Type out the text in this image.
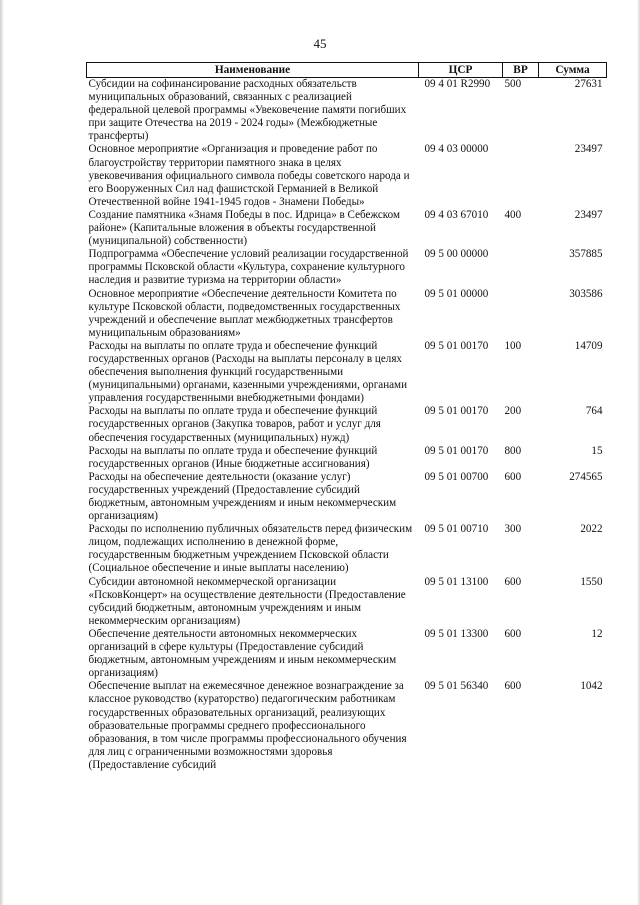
45
Наименование	ЦСР	ВР	Сумма
Субсидии на софинансирование расходных обязательств муниципальных образований, связанных с реализацией федеральной целевой программы «Увековечение памяти погибших при защите Отечества на 2019 - 2024 годы» (Межбюджетные трансферты)	09 4 01 R2990	500	27631
Основное мероприятие «Организация и проведение работ по благоустройству территории памятного знака в целях увековечивания официального символа победы советского народа и его Вооруженных Сил над фашистской Германией в Великой Отечественной войне 1941-1945 годов - Знамени Победы»	09 4 03 00000		23497
Создание памятника «Знамя Победы в пос. Идрица» в Себежском районе» (Капитальные вложения в объекты государственной (муниципальной) собственности)	09 4 03 67010	400	23497
Подпрограмма «Обеспечение условий реализации государственной программы Псковской области «Культура, сохранение культурного наследия и развитие туризма на территории области»	09 5 00 00000		357885
Основное мероприятие «Обеспечение деятельности Комитета по культуре Псковской области, подведомственных государственных учреждений и обеспечение выплат межбюджетных трансфертов муниципальным образованиям»	09 5 01 00000		303586
Расходы на выплаты по оплате труда и обеспечение функций государственных органов (Расходы на выплаты персоналу в целях обеспечения выполнения функций государственными (муниципальными) органами, казенными учреждениями, органами управления государственными внебюджетными фондами)	09 5 01 00170	100	14709
Расходы на выплаты по оплате труда и обеспечение функций государственных органов (Закупка товаров, работ и услуг для обеспечения государственных (муниципальных) нужд)	09 5 01 00170	200	764
Расходы на выплаты по оплате труда и обеспечение функций государственных органов (Иные бюджетные ассигнования)	09 5 01 00170	800	15
Расходы на обеспечение деятельности (оказание услуг) государственных учреждений (Предоставление субсидий бюджетным, автономным учреждениям и иным некоммерческим организациям)	09 5 01 00700	600	274565
Расходы по исполнению публичных обязательств перед физическим лицом, подлежащих исполнению в денежной форме, государственным бюджетным учреждением Псковской области (Социальное обеспечение и иные выплаты населению)	09 5 01 00710	300	2022
Субсидии автономной некоммерческой организации «ПсковКонцерт» на осуществление деятельности (Предоставление субсидий бюджетным, автономным учреждениям и иным некоммерческим организациям)	09 5 01 13100	600	1550
Обеспечение деятельности автономных некоммерческих организаций в сфере культуры (Предоставление субсидий бюджетным, автономным учреждениям и иным некоммерческим организациям)	09 5 01 13300	600	12
Обеспечение выплат на ежемесячное денежное вознаграждение за классное руководство (кураторство) педагогическим работникам государственных образовательных организаций, реализующих образовательные программы среднего профессионального образования, в том числе программы профессионального обучения для лиц с ограниченными возможностями здоровья (Предоставление субсидий	09 5 01 56340	600	1042
